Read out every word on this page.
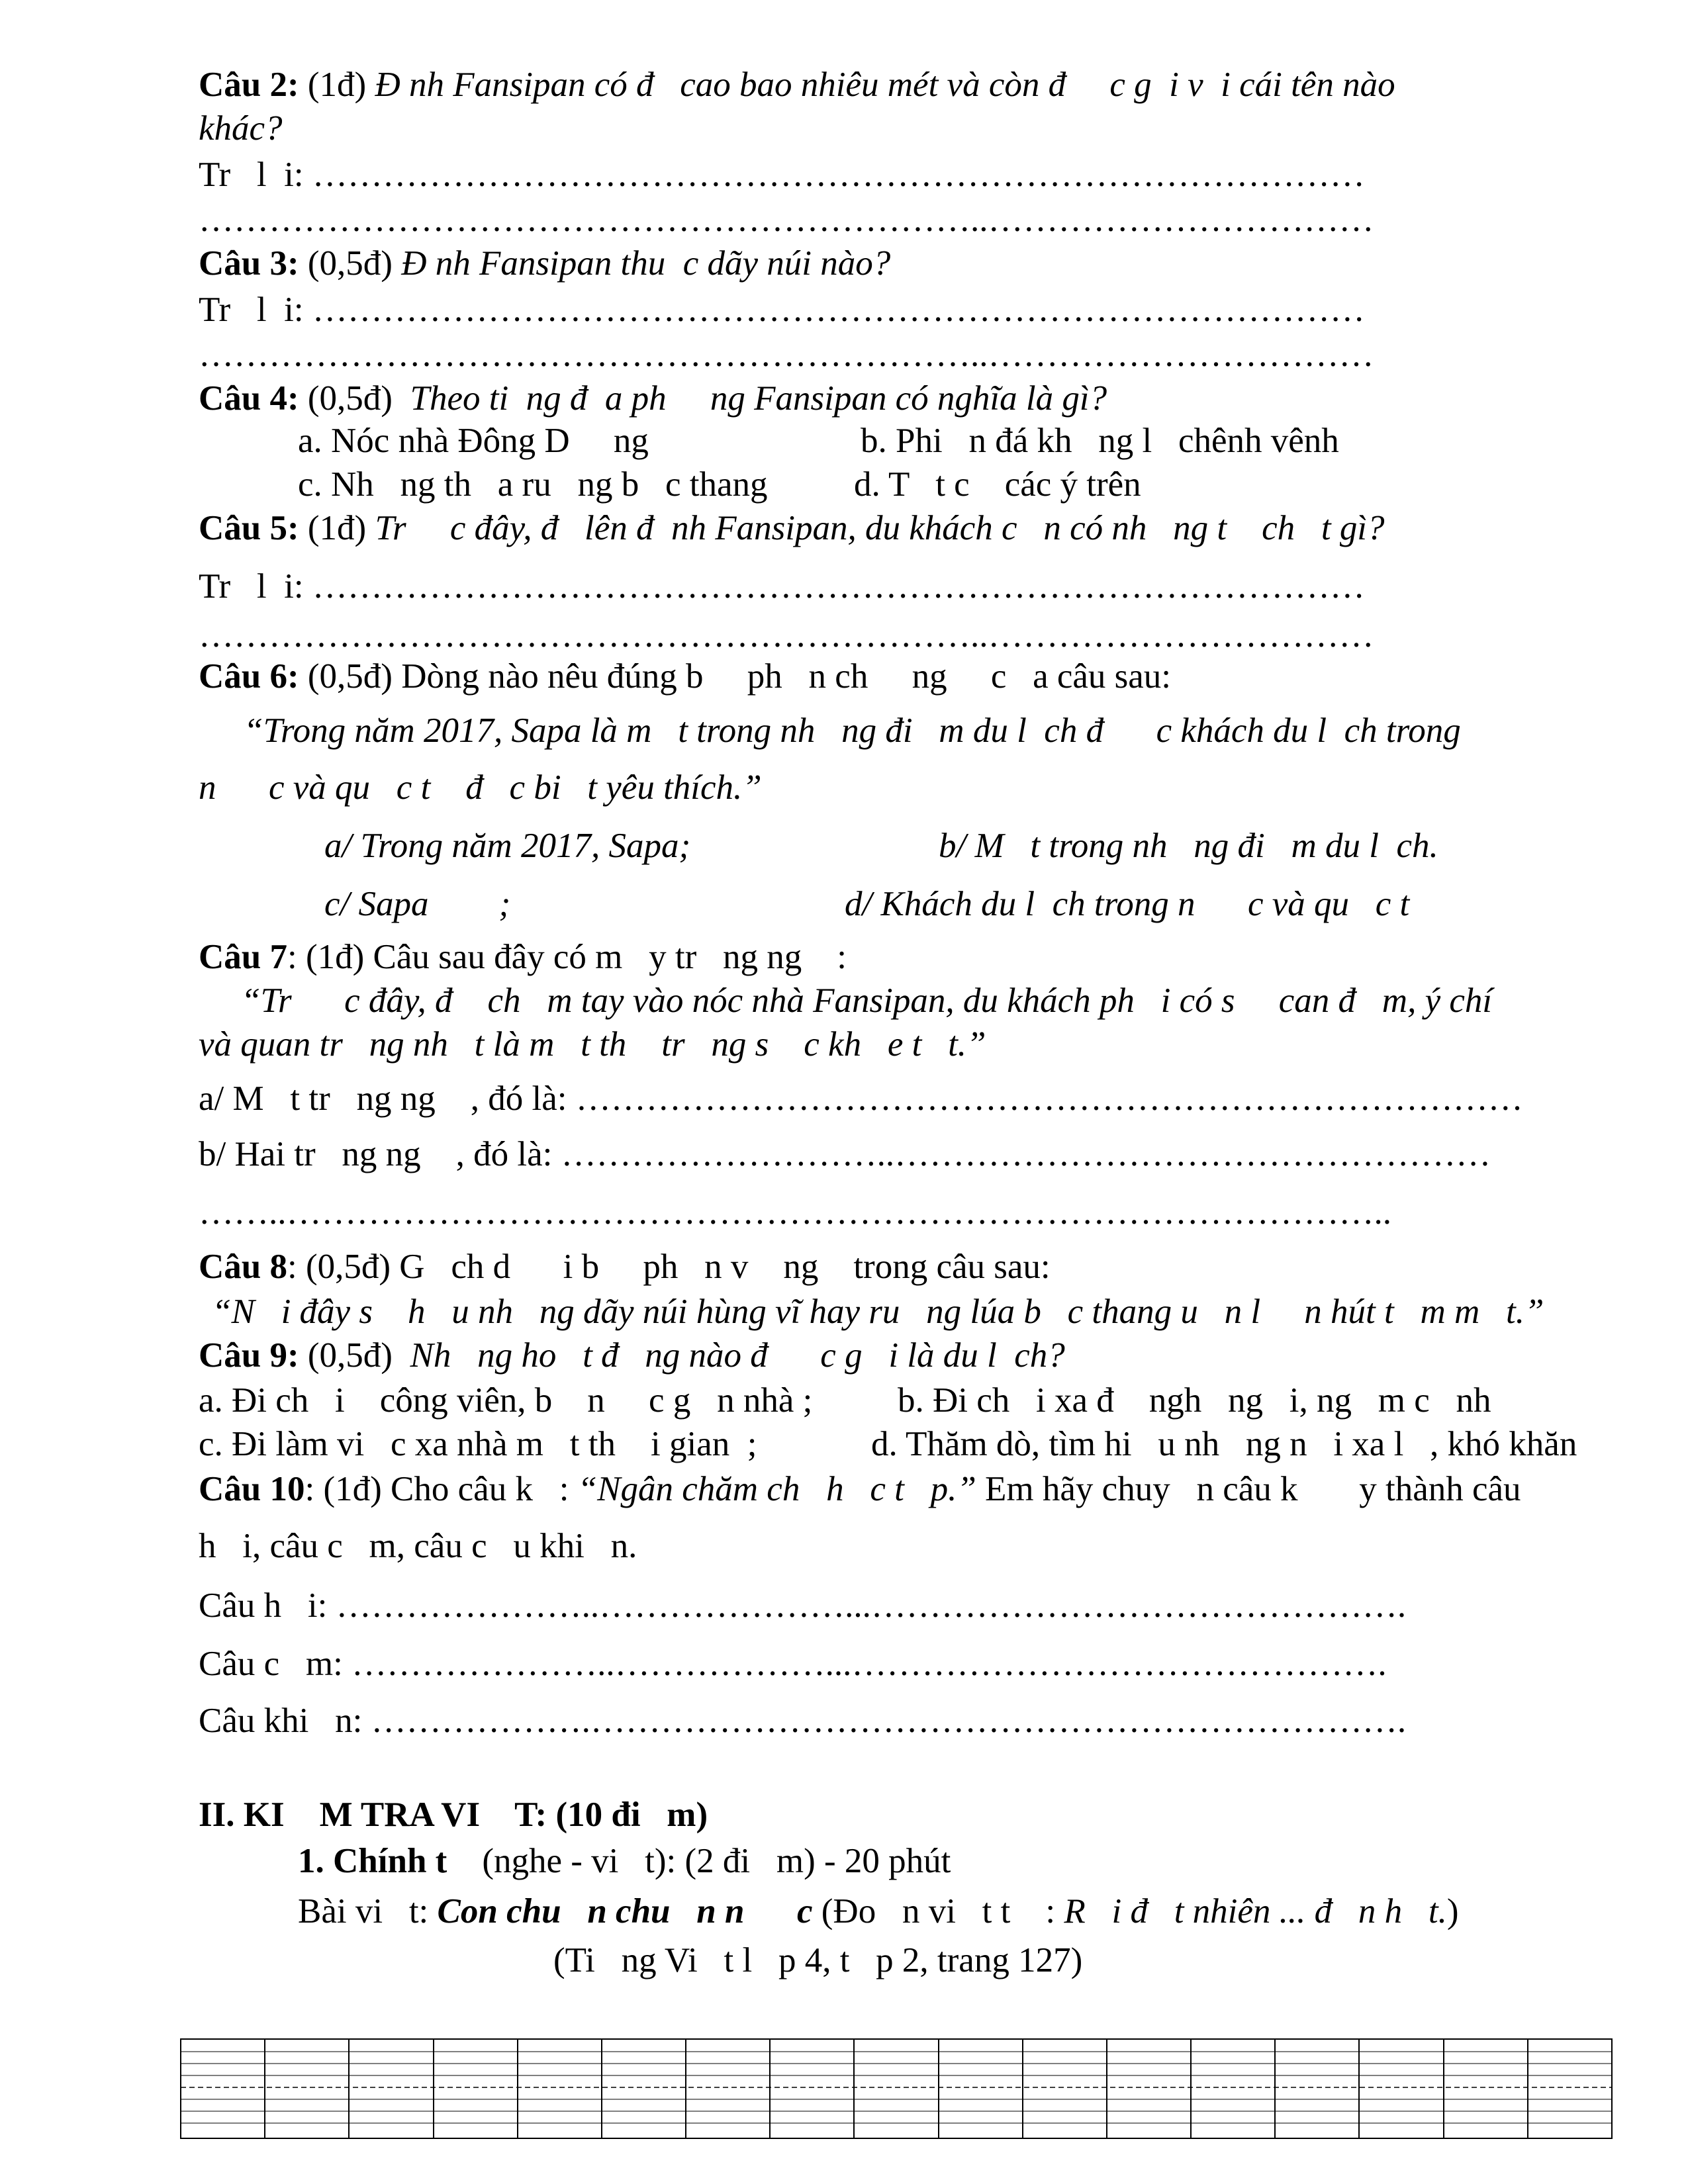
Câu 2: (1đ) Đ nh Fansipan có đ   cao bao nhiêu mét và còn đ     c g  i v  i cái tên nào
khác?
Tr   l  i: ………………………………………………………………………………
…………………………………………………………..……………………………
Câu 3: (0,5đ) Đ nh Fansipan thu  c dãy núi nào?
Tr   l  i: ………………………………………………………………………………
…………………………………………………………..……………………………
Câu 4: (0,5đ)  Theo ti  ng đ  a ph     ng Fansipan có nghĩa là gì?
a. Nóc nhà Đông D     ng	b. Phi   n đá kh   ng l   chênh vênh
c. Nh   ng th   a ru   ng b   c thang d. T   t c    các ý trên
Câu 5: (1đ) Tr     c đây, đ   lên đ  nh Fansipan, du khách c   n có nh   ng t    ch   t gì?
Tr   l  i: ………………………………………………………………………………
…………………………………………………………..……………………………
Câu 6: (0,5đ) Dòng nào nêu đúng b     ph   n ch     ng     c   a câu sau:
“Trong năm 2017, Sapa là m   t trong nh   ng đi   m du l  ch đ      c khách du l  ch trong
n      c và qu   c t    đ   c bi   t yêu thích.”
a/ Trong năm 2017, Sapa;	b/ M   t trong nh   ng đi   m du l  ch.
c/ Sapa        ;	d/ Khách du l  ch trong n      c và qu   c t
Câu 7: (1đ) Câu sau đây có m   y tr   ng ng    :
“Tr      c đây, đ    ch   m tay vào nóc nhà Fansipan, du khách ph   i có s     can đ   m, ý chí
và quan tr   ng nh   t là m   t th    tr   ng s    c kh   e t   t.”
a/ M   t tr   ng ng    , đó là: ………………………………………………………………………
b/ Hai tr   ng ng    , đó là: ………………………..……………………………………………
……..…………………………………………………………………………………..
Câu 8: (0,5đ) G   ch d      i b     ph   n v    ng    trong câu sau:
“N   i đây s    h   u nh   ng dãy núi hùng vĩ hay ru   ng lúa b   c thang u   n l     n hút t   m m   t.”
Câu 9: (0,5đ)  Nh   ng ho   t đ   ng nào đ      c g   i là du l  ch?
a. Đi ch   i    công viên, b    n     c g   n nhà ; b. Đi ch   i xa đ    ngh   ng   i, ng   m c   nh
c. Đi làm vi   c xa nhà m   t th    i gian  ;	d. Thăm dò, tìm hi   u nh   ng n   i xa l   , khó khăn
Câu 10: (1đ) Cho câu k   : “Ngân chăm ch   h   c t   p.” Em hãy chuy   n câu k       y thành câu
h   i, câu c   m, câu c   u khi   n.
Câu h   i: …………………..…………………...……………………………………….
Câu c   m: …………………..………………...……………………………………….
Câu khi   n: ……………….…………………………………………………………….
II. KI    M TRA VI    T: (10 đi   m)
1. Chính t    (nghe - vi   t): (2 đi   m) - 20 phút
Bài vi   t: Con chu   n chu   n n      c (Đo   n vi   t t    : R   i đ   t nhiên ... đ   n h   t.)
(Ti   ng Vi   t l   p 4, t   p 2, trang 127)
